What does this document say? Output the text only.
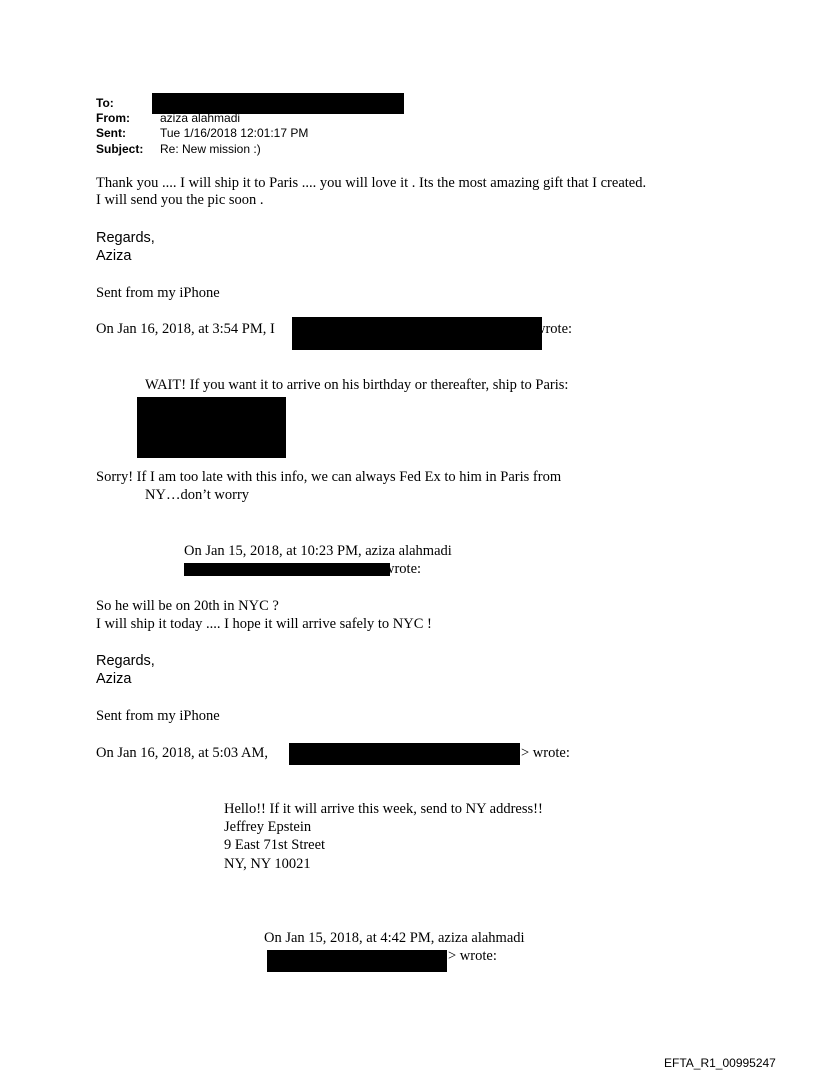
To:
From:	aziza alahmadi
Sent:	Tue 1/16/2018 12:01:17 PM
Subject: Re: New mission :)
Thank you .... I will ship it to Paris .... you will love it . Its the most amazing gift that I created.
I will send you the pic soon .
Regards,
Aziza
Sent from my iPhone
On Jan 16, 2018, at 3:54 PM, I	wrote:
WAIT! If you want it to arrive on his birthday or thereafter, ship to Paris:
Sorry! If I am too late with this info, we can always Fed Ex to him in Paris from
NY…don’t worry
On Jan 15, 2018, at 10:23 PM, aziza alahmadi
wrote:
So he will be on 20th in NYC ?
I will ship it today .... I hope it will arrive safely to NYC !
Regards,
Aziza
Sent from my iPhone
On Jan 16, 2018, at 5:03 AM,	> wrote:
Hello!! If it will arrive this week, send to NY address!!
Jeffrey Epstein
9 East 71st Street
NY, NY 10021
On Jan 15, 2018, at 4:42 PM, aziza alahmadi
> wrote:
EFTA_R1_00995247
